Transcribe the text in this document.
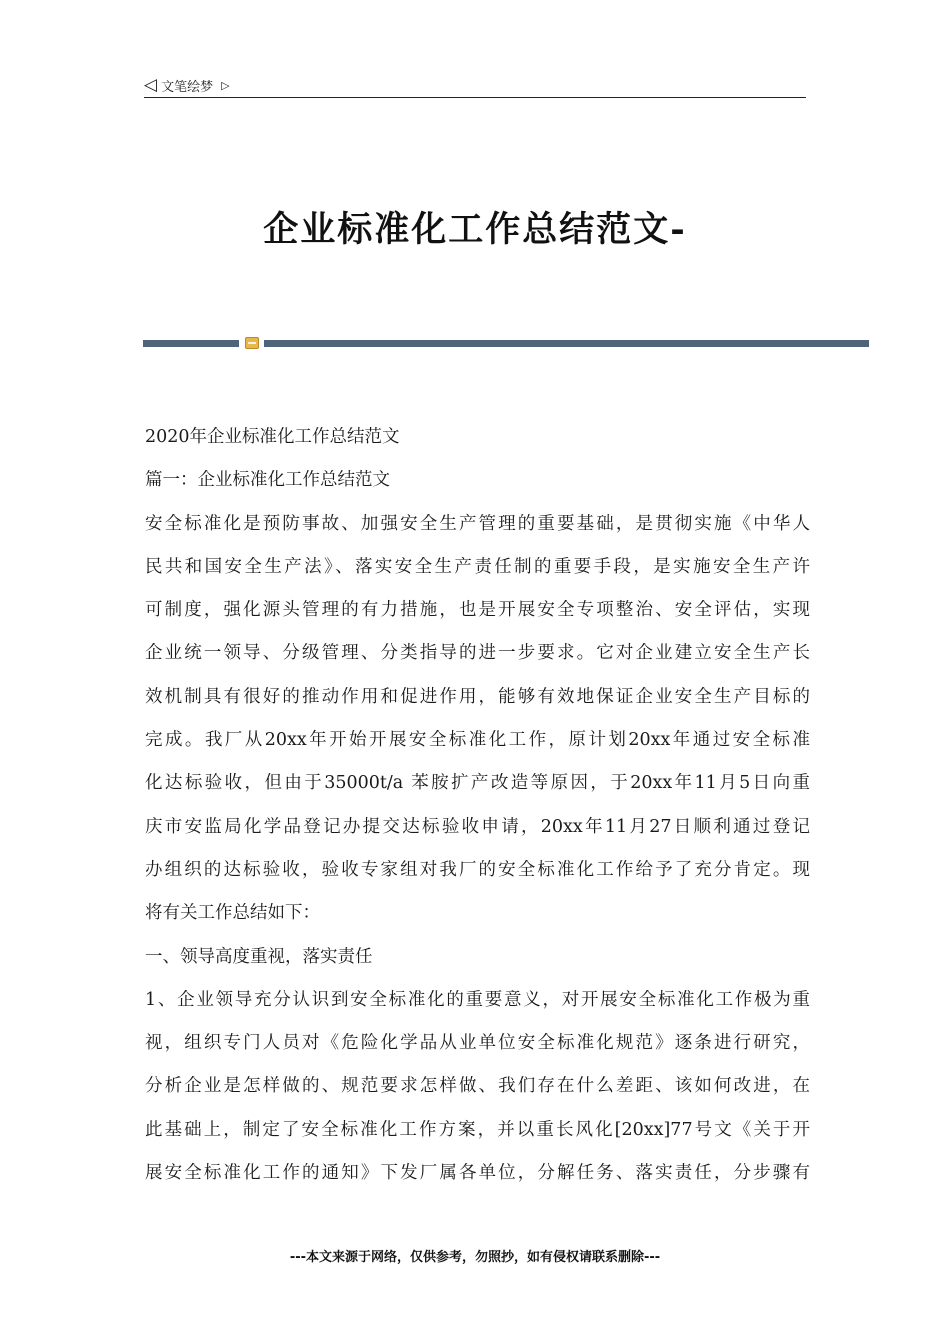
◁ 文笔绘梦 ▷
企业标准化工作总结范文-
2020年企业标准化工作总结范文
篇一：企业标准化工作总结范文
安全标准化是预防事故、加强安全生产管理的重要基础，是贯彻实施《中华人
民共和国安全生产法》、落实安全生产责任制的重要手段，是实施安全生产许
可制度，强化源头管理的有力措施，也是开展安全专项整治、安全评估，实现
企业统一领导、分级管理、分类指导的进一步要求。它对企业建立安全生产长
效机制具有很好的推动作用和促进作用，能够有效地保证企业安全生产目标的
完成。我厂从20xx年开始开展安全标准化工作，原计划20xx年通过安全标准
化达标验收，但由于35000t/a 苯胺扩产改造等原因，于20xx年11月5日向重
庆市安监局化学品登记办提交达标验收申请，20xx年11月27日顺利通过登记
办组织的达标验收，验收专家组对我厂的安全标准化工作给予了充分肯定。现
将有关工作总结如下：
一、领导高度重视，落实责任
1、企业领导充分认识到安全标准化的重要意义，对开展安全标准化工作极为重
视，组织专门人员对《危险化学品从业单位安全标准化规范》逐条进行研究，
分析企业是怎样做的、规范要求怎样做、我们存在什么差距、该如何改进，在
此基础上，制定了安全标准化工作方案，并以重长风化[20xx]77号文《关于开
展安全标准化工作的通知》下发厂属各单位，分解任务、落实责任，分步骤有
---本文来源于网络，仅供参考，勿照抄，如有侵权请联系删除---
